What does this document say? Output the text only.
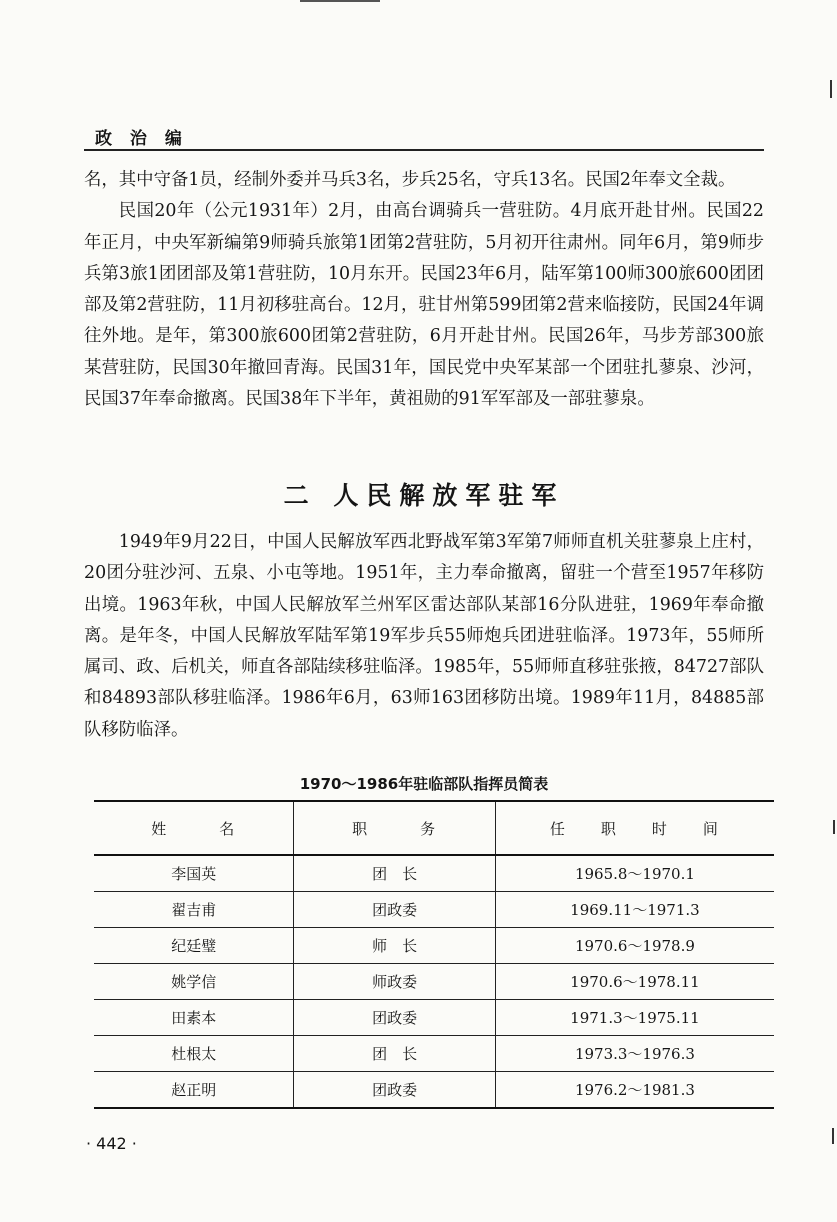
政 治 编

名，其中守备1员，经制外委并马兵3名，步兵25名，守兵13名。民国2年奉文全裁。

民国20年（公元1931年）2月，由高台调骑兵一营驻防。4月底开赴甘州。民国22年正月，中央军新编第9师骑兵旅第1团第2营驻防，5月初开往肃州。同年6月，第9师步兵第3旅1团团部及第1营驻防，10月东开。民国23年6月，陆军第100师300旅600团团部及第2营驻防，11月初移驻高台。12月，驻甘州第599团第2营来临接防，民国24年调往外地。是年，第300旅600团第2营驻防，6月开赴甘州。民国26年，马步芳部300旅某营驻防，民国30年撤回青海。民国31年，国民党中央军某部一个团驻扎蓼泉、沙河，民国37年奉命撤离。民国38年下半年，黄祖勋的91军军部及一部驻蓼泉。

二 人民解放军驻军

1949年9月22日，中国人民解放军西北野战军第3军第7师师直机关驻蓼泉上庄村，20团分驻沙河、五泉、小屯等地。1951年，主力奉命撤离，留驻一个营至1957年移防出境。1963年秋，中国人民解放军兰州军区雷达部队某部16分队进驻，1969年奉命撤离。是年冬，中国人民解放军陆军第19军步兵55师炮兵团进驻临泽。1973年，55师所属司、政、后机关，师直各部陆续移驻临泽。1985年，55师师直移驻张掖，84727部队和84893部队移驻临泽。1986年6月，63师163团移防出境。1989年11月，84885部队移防临泽。

1970～1986年驻临部队指挥员简表
姓　　　名	职　　　务	任　　职　　时　　间
李国英	团　长	1965.8～1970.1
翟吉甫	团政委	1969.11～1971.3
纪廷璧	师　长	1970.6～1978.9
姚学信	师政委	1970.6～1978.11
田素本	团政委	1971.3～1975.11
杜根太	团　长	1973.3～1976.3
赵正明	团政委	1976.2～1981.3
· 442 ·
